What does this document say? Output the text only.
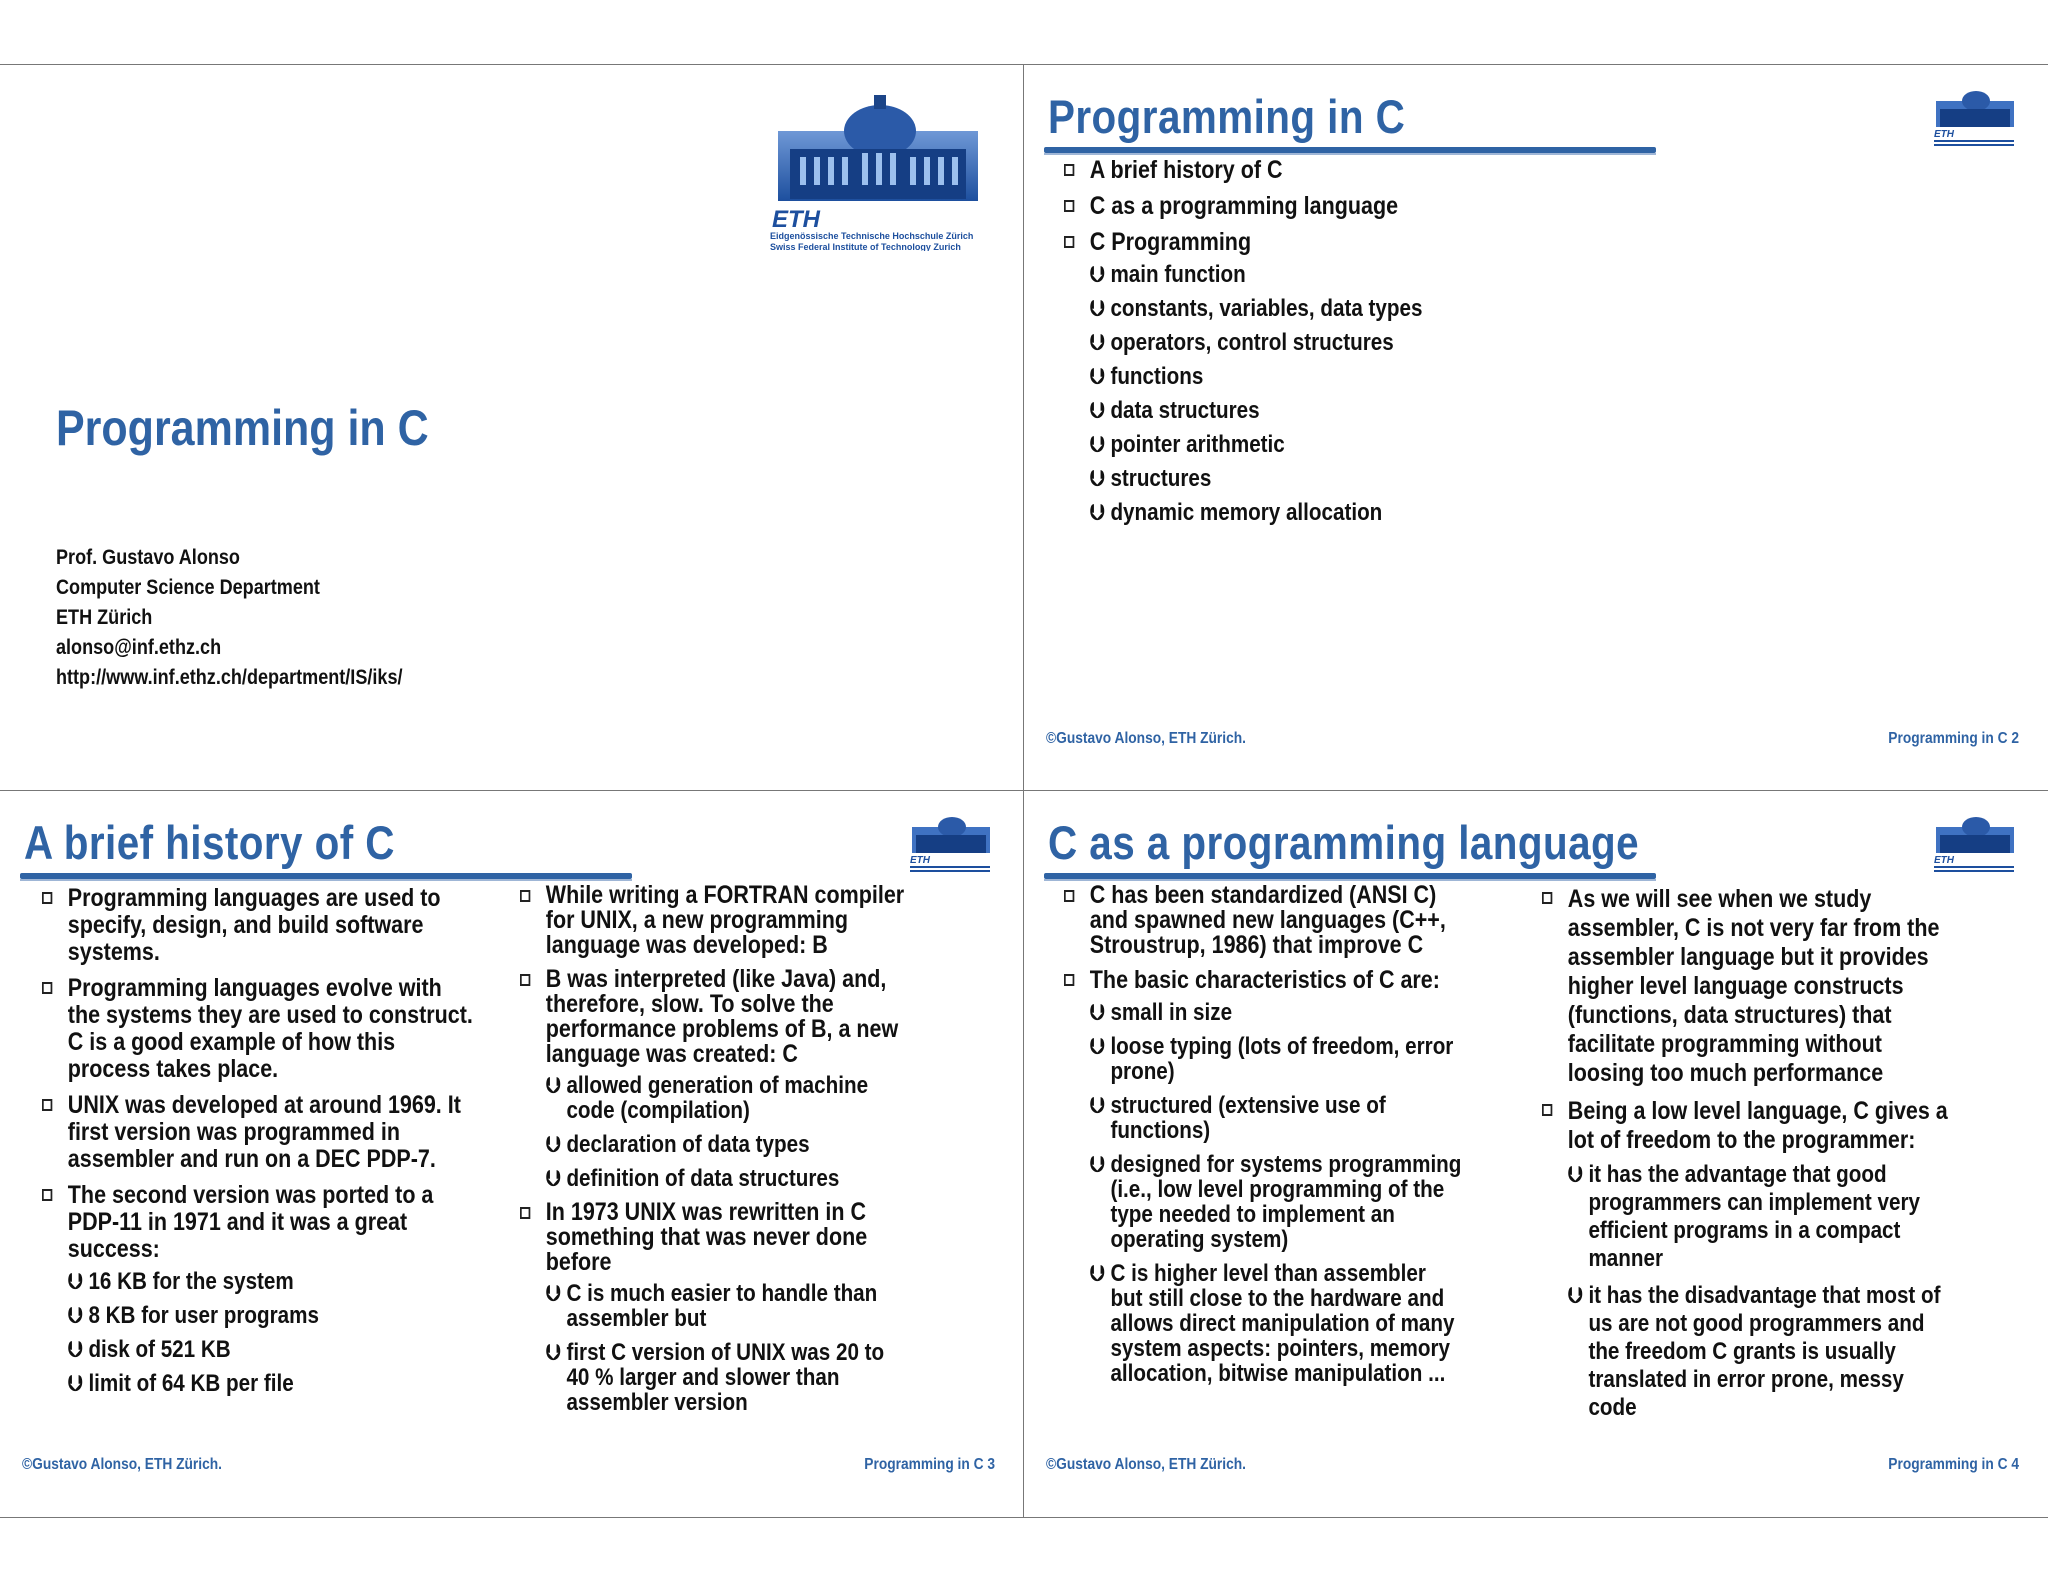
ETH
Eidgenössische Technische Hochschule Zürich
Swiss Federal Institute of Technology Zurich
Programming in C
Prof. Gustavo Alonso
Computer Science Department
ETH Zürich
alonso@inf.ethz.ch
http://www.inf.ethz.ch/department/IS/iks/
Programming in C	ETH
A brief history of C
C as a programming language
C Programming
⮋ main function
⮋ constants, variables, data types
⮋ operators, control structures
⮋ functions
⮋ data structures
⮋ pointer arithmetic
⮋ structures
⮋ dynamic memory allocation
©Gustavo Alonso, ETH Zürich.	Programming in C 2
A brief history of C	ETH
Programming languages are used to specify, design, and build software systems.
Programming languages evolve with the systems they are used to construct. C is a good example of how this process takes place.
UNIX was developed at around 1969. It first version was programmed in assembler and run on a DEC PDP-7.
The second version was ported to a PDP-11 in 1971 and it was a great success:
⮋ 16 KB for the system
⮋ 8 KB for user programs
⮋ disk of 521 KB
⮋ limit of 64 KB per file
While writing a FORTRAN compiler for UNIX, a new programming language was developed: B
B was interpreted (like Java) and, therefore, slow. To solve the performance problems of B, a new language was created: C
⮋ allowed generation of machine code (compilation)
⮋ declaration of data types
⮋ definition of data structures
In 1973 UNIX was rewritten in C something that was never done before
⮋ C is much easier to handle than assembler but
⮋ first C version of UNIX was 20 to 40 % larger and slower than assembler version
©Gustavo Alonso, ETH Zürich.	Programming in C 3
C as a programming language	ETH
C has been standardized (ANSI C) and spawned new languages (C++, Stroustrup, 1986) that improve C
The basic characteristics of C are:
⮋ small in size
⮋ loose typing (lots of freedom, error prone)
⮋ structured (extensive use of functions)
⮋ designed for systems programming (i.e., low level programming of the type needed to implement an operating system)
⮋ C is higher level than assembler but still close to the hardware and allows direct manipulation of many system aspects: pointers, memory allocation, bitwise manipulation ...
As we will see when we study assembler, C is not very far from the assembler language but it provides higher level language constructs (functions, data structures) that facilitate programming without loosing too much performance
Being a low level language, C gives a lot of freedom to the programmer:
⮋ it has the advantage that good programmers can implement very efficient programs in a compact manner
⮋ it has the disadvantage that most of us are not good programmers and the freedom C grants is usually translated in error prone, messy code
©Gustavo Alonso, ETH Zürich.	Programming in C 4
